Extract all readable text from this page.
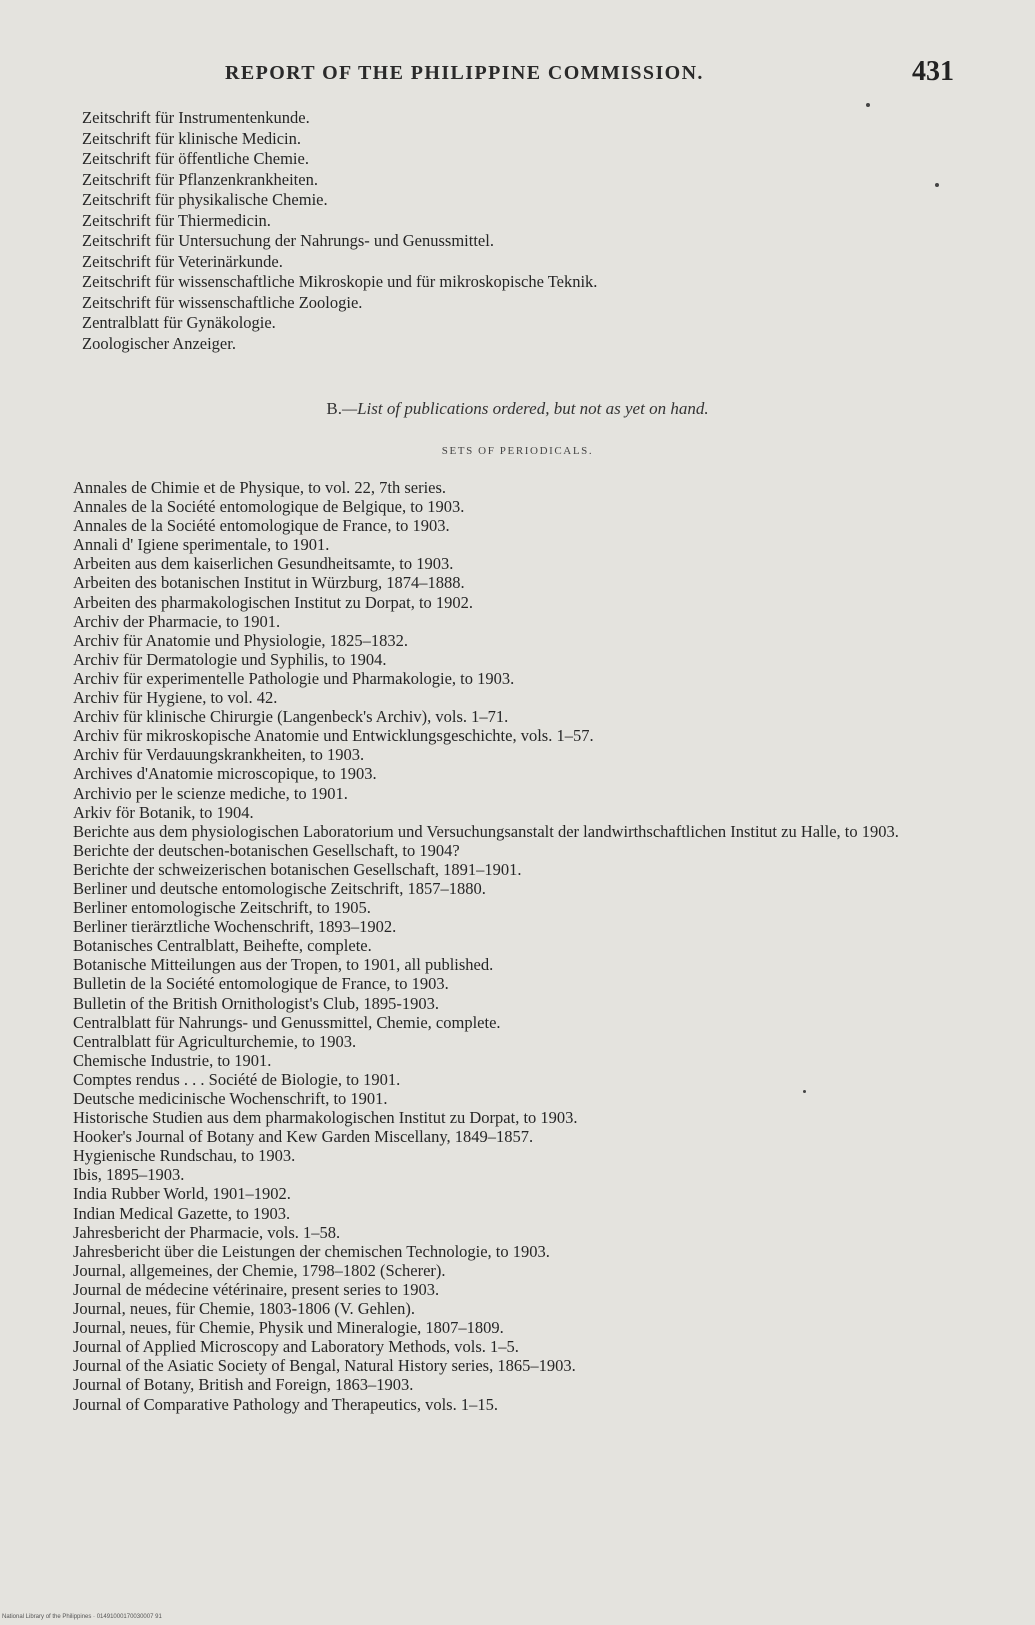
REPORT OF THE PHILIPPINE COMMISSION.	431
Zeitschrift für Instrumentenkunde.
Zeitschrift für klinische Medicin.
Zeitschrift für öffentliche Chemie.
Zeitschrift für Pflanzenkrankheiten.
Zeitschrift für physikalische Chemie.
Zeitschrift für Thiermedicin.
Zeitschrift für Untersuchung der Nahrungs- und Genussmittel.
Zeitschrift für Veterinärkunde.
Zeitschrift für wissenschaftliche Mikroskopie und für mikroskopische Teknik.
Zeitschrift für wissenschaftliche Zoologie.
Zentralblatt für Gynäkologie.
Zoologischer Anzeiger.
B.—List of publications ordered, but not as yet on hand.
SETS OF PERIODICALS.
Annales de Chimie et de Physique, to vol. 22, 7th series.
Annales de la Société entomologique de Belgique, to 1903.
Annales de la Société entomologique de France, to 1903.
Annali d' Igiene sperimentale, to 1901.
Arbeiten aus dem kaiserlichen Gesundheitsamte, to 1903.
Arbeiten des botanischen Institut in Würzburg, 1874–1888.
Arbeiten des pharmakologischen Institut zu Dorpat, to 1902.
Archiv der Pharmacie, to 1901.
Archiv für Anatomie und Physiologie, 1825–1832.
Archiv für Dermatologie und Syphilis, to 1904.
Archiv für experimentelle Pathologie und Pharmakologie, to 1903.
Archiv für Hygiene, to vol. 42.
Archiv für klinische Chirurgie (Langenbeck's Archiv), vols. 1–71.
Archiv für mikroskopische Anatomie und Entwicklungsgeschichte, vols. 1–57.
Archiv für Verdauungskrankheiten, to 1903.
Archives d'Anatomie microscopique, to 1903.
Archivio per le scienze mediche, to 1901.
Arkiv för Botanik, to 1904.
Berichte aus dem physiologischen Laboratorium und Versuchungsanstalt der landwirthschaftlichen Institut zu Halle, to 1903.
Berichte der deutschen-botanischen Gesellschaft, to 1904?
Berichte der schweizerischen botanischen Gesellschaft, 1891–1901.
Berliner und deutsche entomologische Zeitschrift, 1857–1880.
Berliner entomologische Zeitschrift, to 1905.
Berliner tierärztliche Wochenschrift, 1893–1902.
Botanisches Centralblatt, Beihefte, complete.
Botanische Mitteilungen aus der Tropen, to 1901, all published.
Bulletin de la Société entomologique de France, to 1903.
Bulletin of the British Ornithologist's Club, 1895-1903.
Centralblatt für Nahrungs- und Genussmittel, Chemie, complete.
Centralblatt für Agriculturchemie, to 1903.
Chemische Industrie, to 1901.
Comptes rendus . . . Société de Biologie, to 1901.
Deutsche medicinische Wochenschrift, to 1901.
Historische Studien aus dem pharmakologischen Institut zu Dorpat, to 1903.
Hooker's Journal of Botany and Kew Garden Miscellany, 1849–1857.
Hygienische Rundschau, to 1903.
Ibis, 1895–1903.
India Rubber World, 1901–1902.
Indian Medical Gazette, to 1903.
Jahresbericht der Pharmacie, vols. 1–58.
Jahresbericht über die Leistungen der chemischen Technologie, to 1903.
Journal, allgemeines, der Chemie, 1798–1802 (Scherer).
Journal de médecine vétérinaire, present series to 1903.
Journal, neues, für Chemie, 1803-1806 (V. Gehlen).
Journal, neues, für Chemie, Physik und Mineralogie, 1807–1809.
Journal of Applied Microscopy and Laboratory Methods, vols. 1–5.
Journal of the Asiatic Society of Bengal, Natural History series, 1865–1903.
Journal of Botany, British and Foreign, 1863–1903.
Journal of Comparative Pathology and Therapeutics, vols. 1–15.
National Library of the Philippines · 01491000170030007 91
